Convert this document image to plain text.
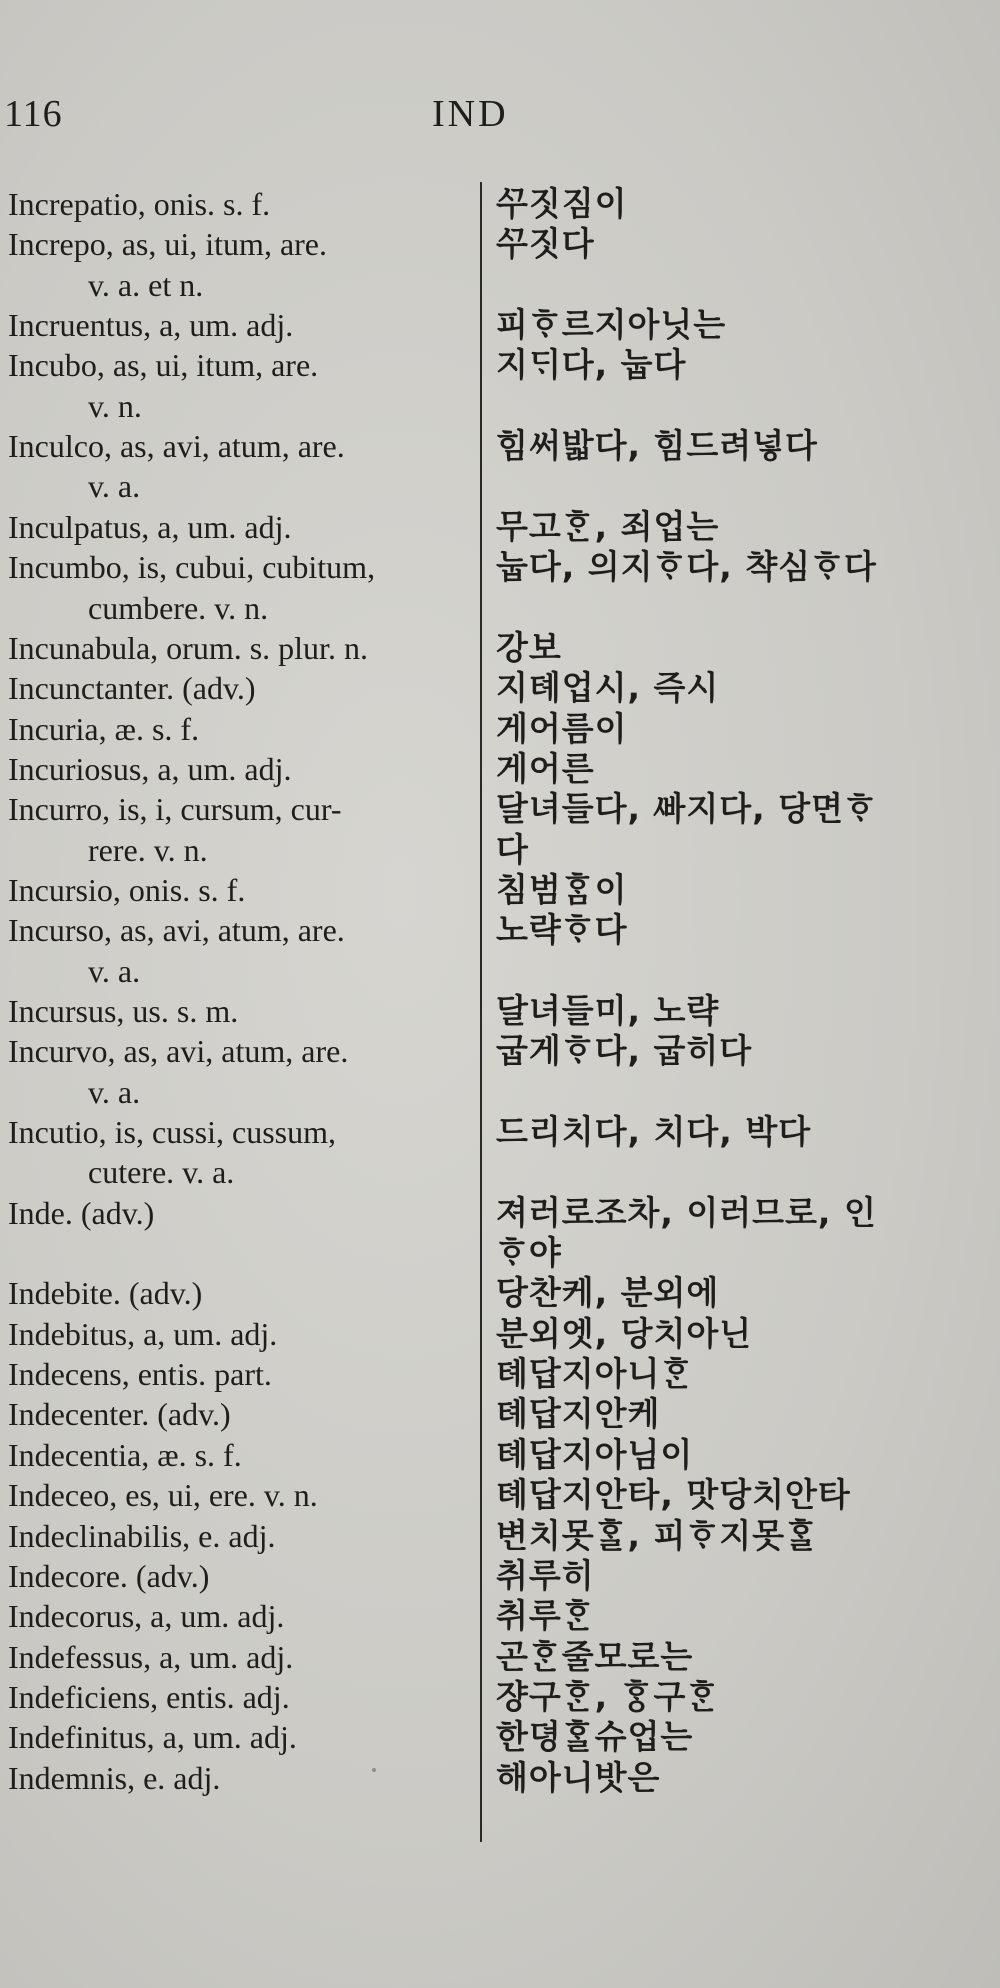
116	IND
Increpatio, onis. s. f.	ᄭᅮ짓짐이
Increpo, as, ui, itum, are.	ᄭᅮ짓다
v. a. et n.
Incruentus, a, um. adj.	피ᄒᆞ르지아닛는
Incubo, as, ui, itum, are.	지ᄃᆡ다, 눕다
v. n.
Inculco, as, avi, atum, are.	힘써밟다, 힘드려넣다
v. a.
Inculpatus, a, um. adj.	무고ᄒᆞᆫ, 죄업는
Incumbo, is, cubui, cubitum,	눕다, 의지ᄒᆞ다, 챡심ᄒᆞ다
cumbere. v. n.
Incunabula, orum. s. plur. n.	강보
Incunctanter. (adv.)	지톄업시, 즉시
Incuria, æ. s. f.	게어름이
Incuriosus, a, um. adj.	게어른
Incurro, is, i, cursum, cur-	달녀들다, ᄲᅡ지다, 당면ᄒᆞ
rere. v. n.	다
Incursio, onis. s. f.	침범ᄒᆞᆷ이
Incurso, as, avi, atum, are.	노략ᄒᆞ다
v. a.
Incursus, us. s. m.	달녀들미, 노략
Incurvo, as, avi, atum, are.	굽게ᄒᆞ다, 굽히다
v. a.
Incutio, is, cussi, cussum,	드리치다, 치다, 박다
cutere. v. a.
Inde. (adv.)	져러로조차, 이러므로, 인
ᄒᆞ야
Indebite. (adv.)	당찬케, 분외에
Indebitus, a, um. adj.	분외엣, 당치아닌
Indecens, entis. part.	톄답지아니ᄒᆞᆫ
Indecenter. (adv.)	톄답지안케
Indecentia, æ. s. f.	톄답지아님이
Indeceo, es, ui, ere. v. n.	톄답지안타, 맛당치안타
Indeclinabilis, e. adj.	변치못ᄒᆞᆯ, 피ᄒᆞ지못ᄒᆞᆯ
Indecore. (adv.)	취루히
Indecorus, a, um. adj.	취루ᄒᆞᆫ
Indefessus, a, um. adj.	곤ᄒᆞᆫ줄모로는
Indeficiens, entis. adj.	쟝구ᄒᆞᆫ, ᄒᆞᆼ구ᄒᆞᆫ
Indefinitus, a, um. adj.	한뎡ᄒᆞᆯ슈업는
Indemnis, e. adj.	해아니밧은
